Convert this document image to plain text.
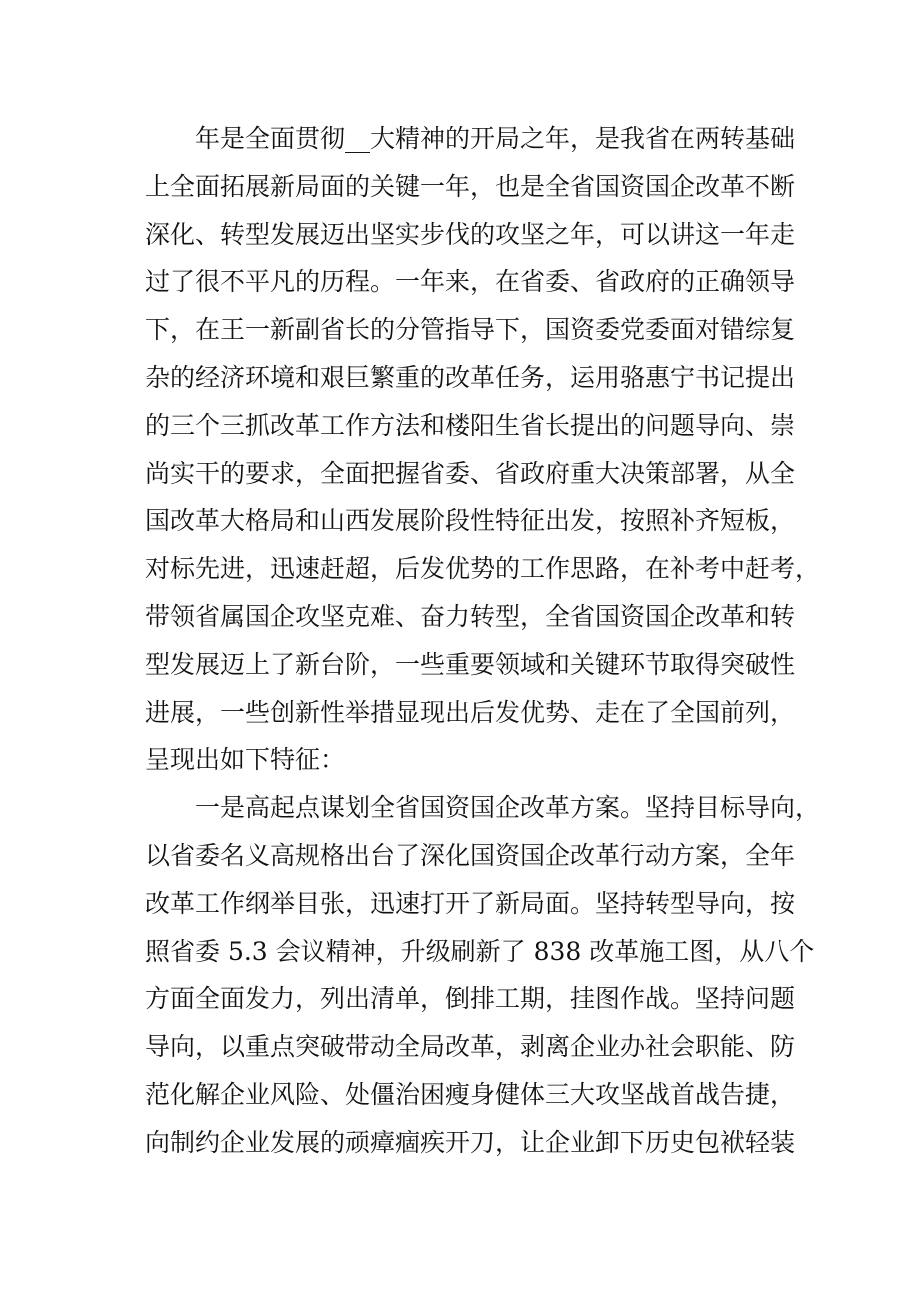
年是全面贯彻__大精神的开局之年，是我省在两转基础
上全面拓展新局面的关键一年，也是全省国资国企改革不断
深化、转型发展迈出坚实步伐的攻坚之年，可以讲这一年走
过了很不平凡的历程。一年来，在省委、省政府的正确领导
下，在王一新副省长的分管指导下，国资委党委面对错综复
杂的经济环境和艰巨繁重的改革任务，运用骆惠宁书记提出
的三个三抓改革工作方法和楼阳生省长提出的问题导向、崇
尚实干的要求，全面把握省委、省政府重大决策部署，从全
国改革大格局和山西发展阶段性特征出发，按照补齐短板，
对标先进，迅速赶超，后发优势的工作思路，在补考中赶考，
带领省属国企攻坚克难、奋力转型，全省国资国企改革和转
型发展迈上了新台阶，一些重要领域和关键环节取得突破性
进展，一些创新性举措显现出后发优势、走在了全国前列，
呈现出如下特征：
一是高起点谋划全省国资国企改革方案。坚持目标导向，
以省委名义高规格出台了深化国资国企改革行动方案，全年
改革工作纲举目张，迅速打开了新局面。坚持转型导向，按
照省委 5.3 会议精神，升级刷新了 838 改革施工图，从八个
方面全面发力，列出清单，倒排工期，挂图作战。坚持问题
导向，以重点突破带动全局改革，剥离企业办社会职能、防
范化解企业风险、处僵治困瘦身健体三大攻坚战首战告捷，
向制约企业发展的顽瘴痼疾开刀，让企业卸下历史包袱轻装
